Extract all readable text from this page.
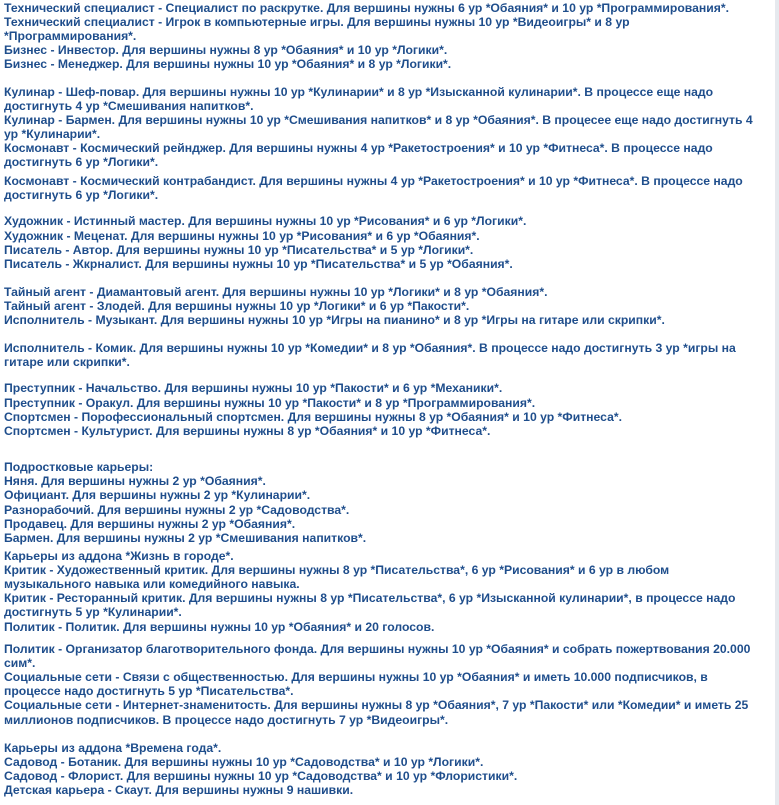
Технический специалист - Специалист по раскрутке. Для вершины нужны 6 ур *Обаяния* и 10 ур *Программирования*.
Технический специалист - Игрок в компьютерные игры. Для вершины нужны 10 ур *Видеоигры* и 8 ур
*Программирования*.
Бизнес - Инвестор. Для вершины нужны 8 ур *Обаяния* и 10 ур *Логики*.
Бизнес - Менеджер. Для вершины нужны 10 ур *Обаяния* и 8 ур *Логики*.
Кулинар - Шеф-повар. Для вершины нужны 10 ур *Кулинарии* и 8 ур *Изысканной кулинарии*. В процессе еще надо
достигнуть 4 ур *Смешивания напитков*.
Кулинар - Бармен. Для вершины нужны 10 ур *Смешивания напитков* и 8 ур *Обаяния*. В процесее еще надо достигнуть 4
ур *Кулинарии*.
Космонавт - Космический рейнджер. Для вершины нужны 4 ур *Ракетостроения* и 10 ур *Фитнеса*. В процессе надо
достигнуть 6 ур *Логики*.
Космонавт - Космический контрабандист. Для вершины нужны 4 ур *Ракетостроения* и 10 ур *Фитнеса*. В процессе надо
достигнуть 6 ур *Логики*.
Художник - Истинный мастер. Для вершины нужны 10 ур *Рисования* и 6 ур *Логики*.
Художник - Меценат. Для вершины нужны 10 ур *Рисования* и 6 ур *Обаяния*.
Писатель - Автор. Для вершины нужны 10 ур *Писательства* и 5 ур *Логики*.
Писатель - Жкрналист. Для вершины нужны 10 ур *Писательства* и 5 ур *Обаяния*.
Тайный агент - Диамантовый агент. Для вершины нужны 10 ур *Логики* и 8 ур *Обаяния*.
Тайный агент - Злодей. Для вершины нужны 10 ур *Логики* и 6 ур *Пакости*.
Исполнитель - Музыкант. Для вершины нужны 10 ур *Игры на пианино* и 8 ур *Игры на гитаре или скрипки*.
Исполнитель - Комик. Для вершины нужны 10 ур *Комедии* и 8 ур *Обаяния*. В процессе надо достигнуть 3 ур *игры на
гитаре или скрипки*.
Преступник - Начальство. Для вершины нужны 10 ур *Пакости* и 6 ур *Механики*.
Преступник - Оракул. Для вершины нужны 10 ур *Пакости* и 8 ур *Программирования*.
Спортсмен - Порофессиональный спортсмен. Для вершины нужны 8 ур *Обаяния* и 10 ур *Фитнеса*.
Спортсмен - Культурист. Для вершины нужны 8 ур *Обаяния* и 10 ур *Фитнеса*.
Подростковые карьеры:
Няня. Для вершины нужны 2 ур *Обаяния*.
Официант. Для вершины нужны 2 ур *Кулинарии*.
Разнорабочий. Для вершины нужны 2 ур *Садоводства*.
Продавец. Для вершины нужны 2 ур *Обаяния*.
Бармен. Для вершины нужны 2 ур *Смешивания напитков*.
Карьеры из аддона *Жизнь в городе*.
Критик - Художественный критик. Для вершины нужны 8 ур *Писательства*, 6 ур *Рисования* и 6 ур в любом
музыкального навыка или комедийного навыка.
Критик - Ресторанный критик. Для вершины нужны 8 ур *Писательства*, 6 ур *Изысканной кулинарии*, в процессе надо
достигнуть 5 ур *Кулинарии*.
Политик - Политик. Для вершины нужны 10 ур *Обаяния* и 20 голосов.
Политик - Организатор благотворительного фонда. Для вершины нужны 10 ур *Обаяния* и собрать пожертвования 20.000
сим*.
Социальные сети - Связи с общественностью. Для вершины нужны 10 ур *Обаяния* и иметь 10.000 подписчиков, в
процессе надо достигнуть 5 ур *Писательства*.
Социальные сети - Интернет-знаменитость. Для вершины нужны 8 ур *Обаяния*, 7 ур *Пакости* или *Комедии* и иметь 25
миллионов подписчиков. В процессе надо достигнуть 7 ур *Видеоигры*.
Карьеры из аддона *Времена года*.
Садовод - Ботаник. Для вершины нужны 10 ур *Садоводства* и 10 ур *Логики*.
Садовод - Флорист. Для вершины нужны 10 ур *Садоводства* и 10 ур *Флористики*.
Детская карьера - Скаут. Для вершины нужны 9 нашивки.
